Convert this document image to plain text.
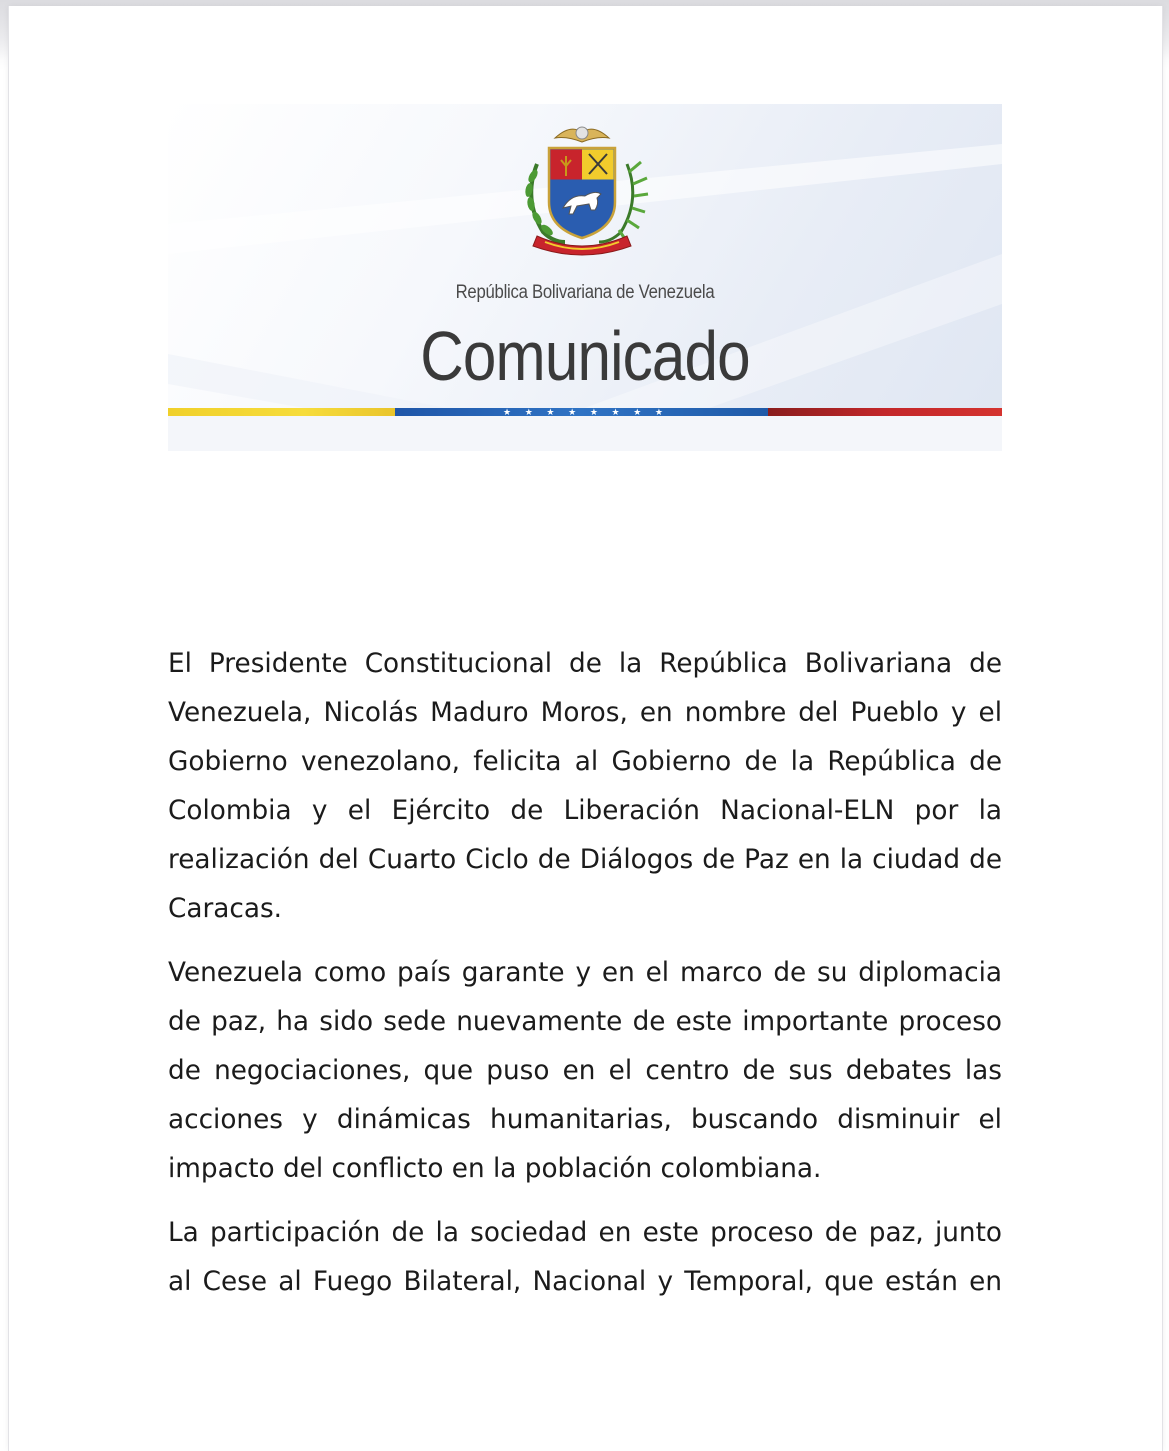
República Bolivariana de Venezuela
Comunicado
★ ★ ★ ★ ★ ★ ★ ★

El Presidente Constitucional de la República Bolivariana de Venezuela, Nicolás Maduro Moros, en nombre del Pueblo y el Gobierno venezolano, felicita al Gobierno de la República de Colombia y el Ejército de Liberación Nacional-ELN por la realización del Cuarto Ciclo de Diálogos de Paz en la ciudad de Caracas.

Venezuela como país garante y en el marco de su diplomacia de paz, ha sido sede nuevamente de este importante proceso de negociaciones, que puso en el centro de sus debates las acciones y dinámicas humanitarias, buscando disminuir el impacto del conflicto en la población colombiana.

La participación de la sociedad en este proceso de paz, junto al Cese al Fuego Bilateral, Nacional y Temporal, que están en
